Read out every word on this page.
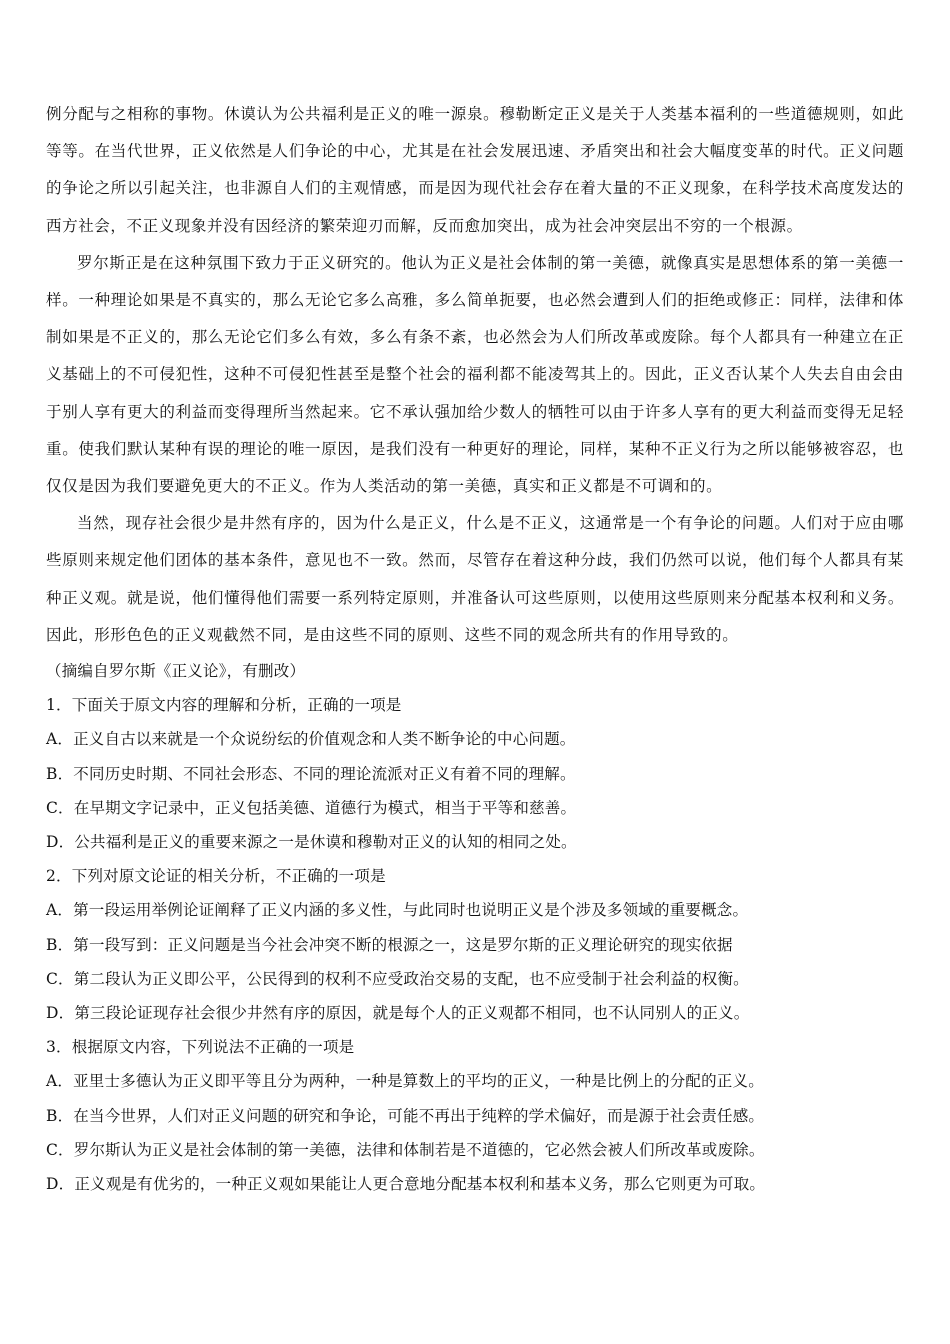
例分配与之相称的事物。休谟认为公共福利是正义的唯一源泉。穆勒断定正义是关于人类基本福利的一些道德规则，如此等等。在当代世界，正义依然是人们争论的中心，尤其是在社会发展迅速、矛盾突出和社会大幅度变革的时代。正义问题的争论之所以引起关注，也非源自人们的主观情感，而是因为现代社会存在着大量的不正义现象，在科学技术高度发达的西方社会，不正义现象并没有因经济的繁荣迎刃而解，反而愈加突出，成为社会冲突层出不穷的一个根源。

罗尔斯正是在这种氛围下致力于正义研究的。他认为正义是社会体制的第一美德，就像真实是思想体系的第一美德一样。一种理论如果是不真实的，那么无论它多么高雅，多么简单扼要，也必然会遭到人们的拒绝或修正：同样，法律和体制如果是不正义的，那么无论它们多么有效，多么有条不紊，也必然会为人们所改革或废除。每个人都具有一种建立在正义基础上的不可侵犯性，这种不可侵犯性甚至是整个社会的福利都不能凌驾其上的。因此，正义否认某个人失去自由会由于别人享有更大的利益而变得理所当然起来。它不承认强加给少数人的牺牲可以由于许多人享有的更大利益而变得无足轻重。使我们默认某种有误的理论的唯一原因，是我们没有一种更好的理论，同样，某种不正义行为之所以能够被容忍，也仅仅是因为我们要避免更大的不正义。作为人类活动的第一美德，真实和正义都是不可调和的。

当然，现存社会很少是井然有序的，因为什么是正义，什么是不正义，这通常是一个有争论的问题。人们对于应由哪些原则来规定他们团体的基本条件，意见也不一致。然而，尽管存在着这种分歧，我们仍然可以说，他们每个人都具有某种正义观。就是说，他们懂得他们需要一系列特定原则，并准备认可这些原则，以使用这些原则来分配基本权利和义务。因此，形形色色的正义观截然不同，是由这些不同的原则、这些不同的观念所共有的作用导致的。

（摘编自罗尔斯《正义论》，有删改）
1．下面关于原文内容的理解和分析，正确的一项是
A．正义自古以来就是一个众说纷纭的价值观念和人类不断争论的中心问题。
B．不同历史时期、不同社会形态、不同的理论流派对正义有着不同的理解。
C．在早期文字记录中，正义包括美德、道德行为模式，相当于平等和慈善。
D．公共福利是正义的重要来源之一是休谟和穆勒对正义的认知的相同之处。
2．下列对原文论证的相关分析，不正确的一项是
A．第一段运用举例论证阐释了正义内涵的多义性，与此同时也说明正义是个涉及多领域的重要概念。
B．第一段写到：正义问题是当今社会冲突不断的根源之一，这是罗尔斯的正义理论研究的现实依据
C．第二段认为正义即公平，公民得到的权利不应受政治交易的支配，也不应受制于社会利益的权衡。
D．第三段论证现存社会很少井然有序的原因，就是每个人的正义观都不相同，也不认同别人的正义。
3．根据原文内容，下列说法不正确的一项是
A．亚里士多德认为正义即平等且分为两种，一种是算数上的平均的正义，一种是比例上的分配的正义。
B．在当今世界，人们对正义问题的研究和争论，可能不再出于纯粹的学术偏好，而是源于社会责任感。
C．罗尔斯认为正义是社会体制的第一美德，法律和体制若是不道德的，它必然会被人们所改革或废除。
D．正义观是有优劣的，一种正义观如果能让人更合意地分配基本权利和基本义务，那么它则更为可取。
